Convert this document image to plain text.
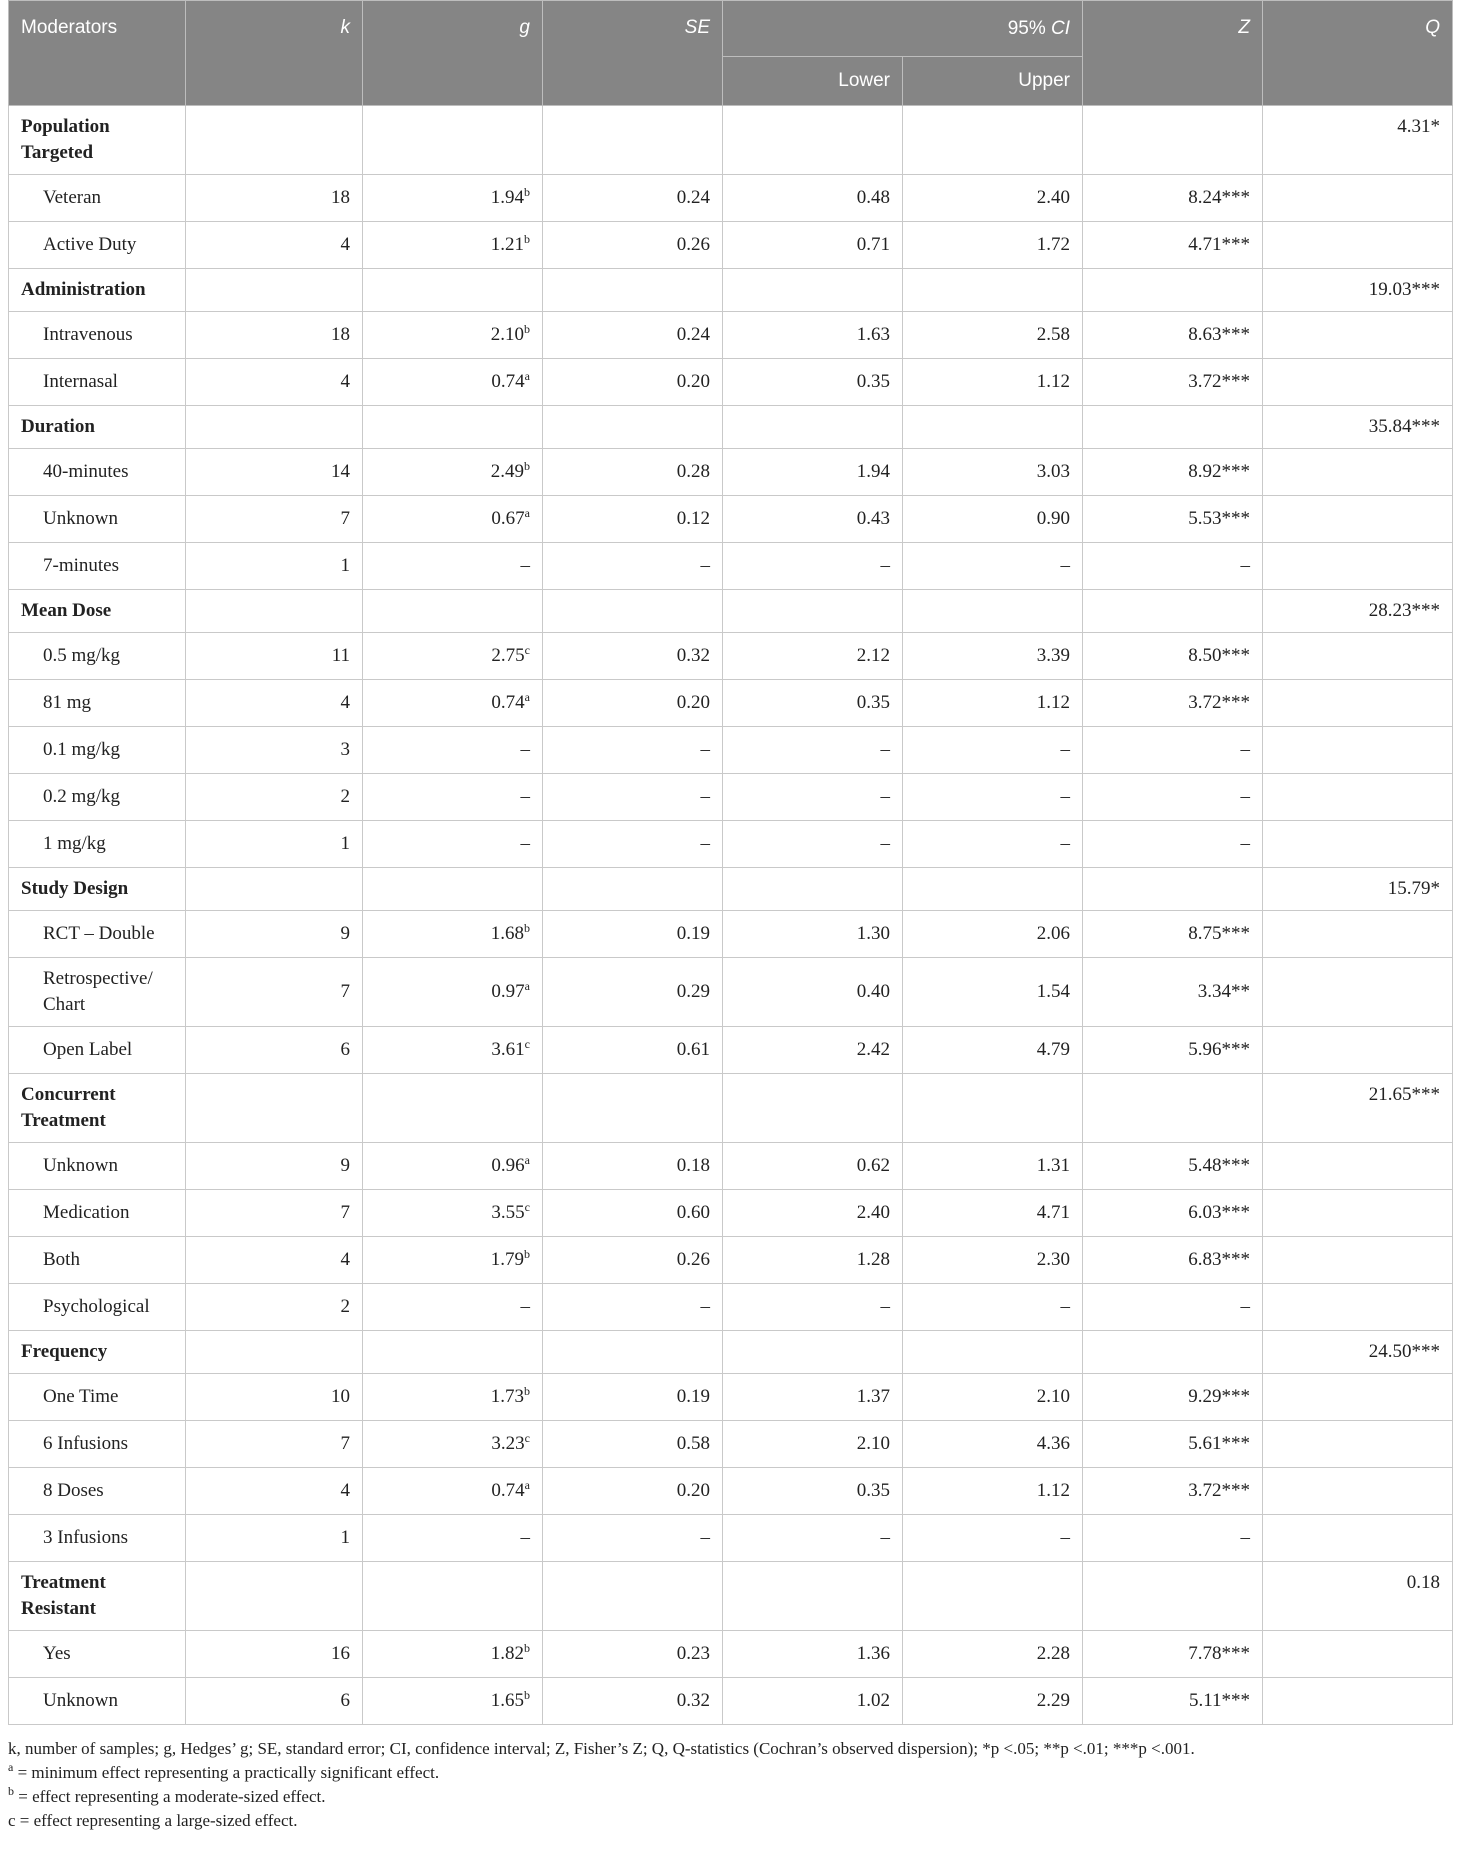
Moderators	k	g	SE	95% CI		Z	Q
				Lower	Upper		
Population Targeted							4.31*
Veteran	18	1.94$^b$	0.24	0.48	2.40	8.24***	
Active Duty	4	1.21$^b$	0.26	0.71	1.72	4.71***	
Administration							19.03***
Intravenous	18	2.10$^b$	0.24	1.63	2.58	8.63***	
Internasal	4	0.74$^a$	0.20	0.35	1.12	3.72***	
Duration							35.84***
40-minutes	14	2.49$^b$	0.28	1.94	3.03	8.92***	
Unknown	7	0.67$^a$	0.12	0.43	0.90	5.53***	
7-minutes	1	–	–	–	–	–	
Mean Dose							28.23***
0.5 mg/kg	11	2.75$^c$	0.32	2.12	3.39	8.50***	
81 mg	4	0.74$^a$	0.20	0.35	1.12	3.72***	
0.1 mg/kg	3	–	–	–	–	–	
0.2 mg/kg	2	–	–	–	–	–	
1 mg/kg	1	–	–	–	–	–	
Study Design							15.79*
RCT – Double	9	1.68$^b$	0.19	1.30	2.06	8.75***	
Retrospective/ Chart	7	0.97$^a$	0.29	0.40	1.54	3.34**	
Open Label	6	3.61$^c$	0.61	2.42	4.79	5.96***	
Concurrent Treatment							21.65***
Unknown	9	0.96$^a$	0.18	0.62	1.31	5.48***	
Medication	7	3.55$^c$	0.60	2.40	4.71	6.03***	
Both	4	1.79$^b$	0.26	1.28	2.30	6.83***	
Psychological	2	–	–	–	–	–	
Frequency							24.50***
One Time	10	1.73$^b$	0.19	1.37	2.10	9.29***	
6 Infusions	7	3.23$^c$	0.58	2.10	4.36	5.61***	
8 Doses	4	0.74$^a$	0.20	0.35	1.12	3.72***	
3 Infusions	1	–	–	–	–	–	
Treatment Resistant							0.18
Yes	16	1.82$^b$	0.23	1.36	2.28	7.78***	
Unknown	6	1.65$^b$	0.32	1.02	2.29	5.11***	
k, number of samples; g, Hedges’ g; SE, standard error; CI, confidence interval; Z, Fisher’s Z; Q, Q-statistics (Cochran’s observed dispersion); *p <.05; **p <.01; ***p <.001.
$^a$ = minimum effect representing a practically significant effect.
$^b$ = effect representing a moderate-sized effect.
c = effect representing a large-sized effect.
